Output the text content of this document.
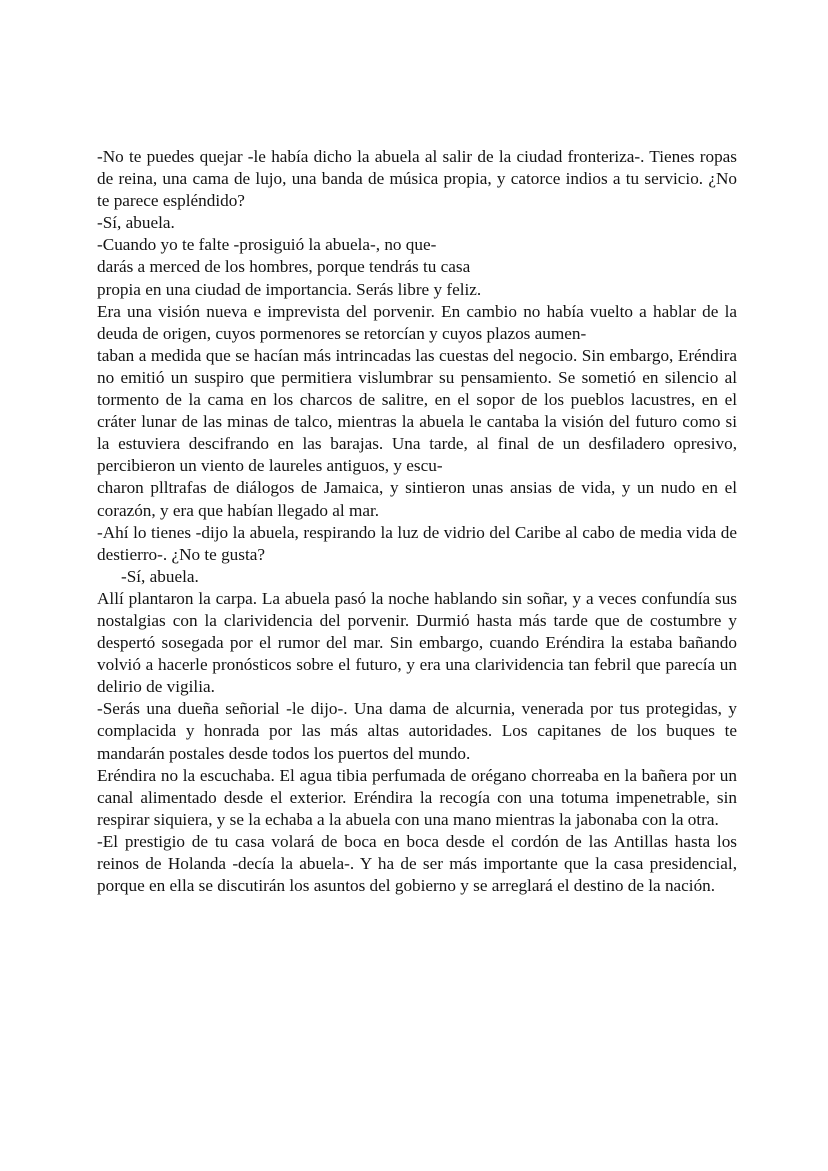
-No te puedes quejar -le había dicho la abuela al salir de la ciudad fronteriza-. Tienes ropas de reina, una cama de lujo, una banda de música propia, y catorce indios a tu servicio. ¿No te parece espléndido?

-Sí, abuela.

-Cuando yo te falte -prosiguió la abuela-, no que-

darás a merced de los hombres, porque tendrás tu casa

propia en una ciudad de importancia. Serás libre y feliz.

Era una visión nueva e imprevista del porvenir. En cambio no había vuelto a hablar de la deuda de origen, cuyos pormenores se retorcían y cuyos plazos aumen-

taban a medida que se hacían más intrincadas las cuestas del negocio. Sin embargo, Eréndira no emitió un suspiro que permitiera vislumbrar su pensamiento. Se sometió en silencio al tormento de la cama en los charcos de salitre, en el sopor de los pueblos lacustres, en el cráter lunar de las minas de talco, mientras la abuela le cantaba la visión del futuro como si la estuviera descifrando en las barajas. Una tarde, al final de un desfiladero opresivo, percibieron un viento de laureles antiguos, y escu-

charon plltrafas de diálogos de Jamaica, y sintieron unas ansias de vida, y un nudo en el corazón, y era que habían llegado al mar.

-Ahí lo tienes -dijo la abuela, respirando la luz de vidrio del Caribe al cabo de media vida de destierro-. ¿No te gusta?

-Sí, abuela.

Allí plantaron la carpa. La abuela pasó la noche hablando sin soñar, y a veces confundía sus nostalgias con la clarividencia del porvenir. Durmió hasta más tarde que de costumbre y despertó sosegada por el rumor del mar. Sin embargo, cuando Eréndira la estaba bañando volvió a hacerle pronósticos sobre el futuro, y era una clarividencia tan febril que parecía un delirio de vigilia.

-Serás una dueña señorial -le dijo-. Una dama de alcurnia, venerada por tus protegidas, y complacida y honrada por las más altas autoridades. Los capitanes de los buques te mandarán postales desde todos los puertos del mundo.

Eréndira no la escuchaba. El agua tibia perfumada de orégano chorreaba en la bañera por un canal alimentado desde el exterior. Eréndira la recogía con una totuma impenetrable, sin respirar siquiera, y se la echaba a la abuela con una mano mientras la jabonaba con la otra.

-El prestigio de tu casa volará de boca en boca desde el cordón de las Antillas hasta los reinos de Holanda -decía la abuela-. Y ha de ser más importante que la casa presidencial, porque en ella se discutirán los asuntos del gobierno y se arreglará el destino de la nación.
